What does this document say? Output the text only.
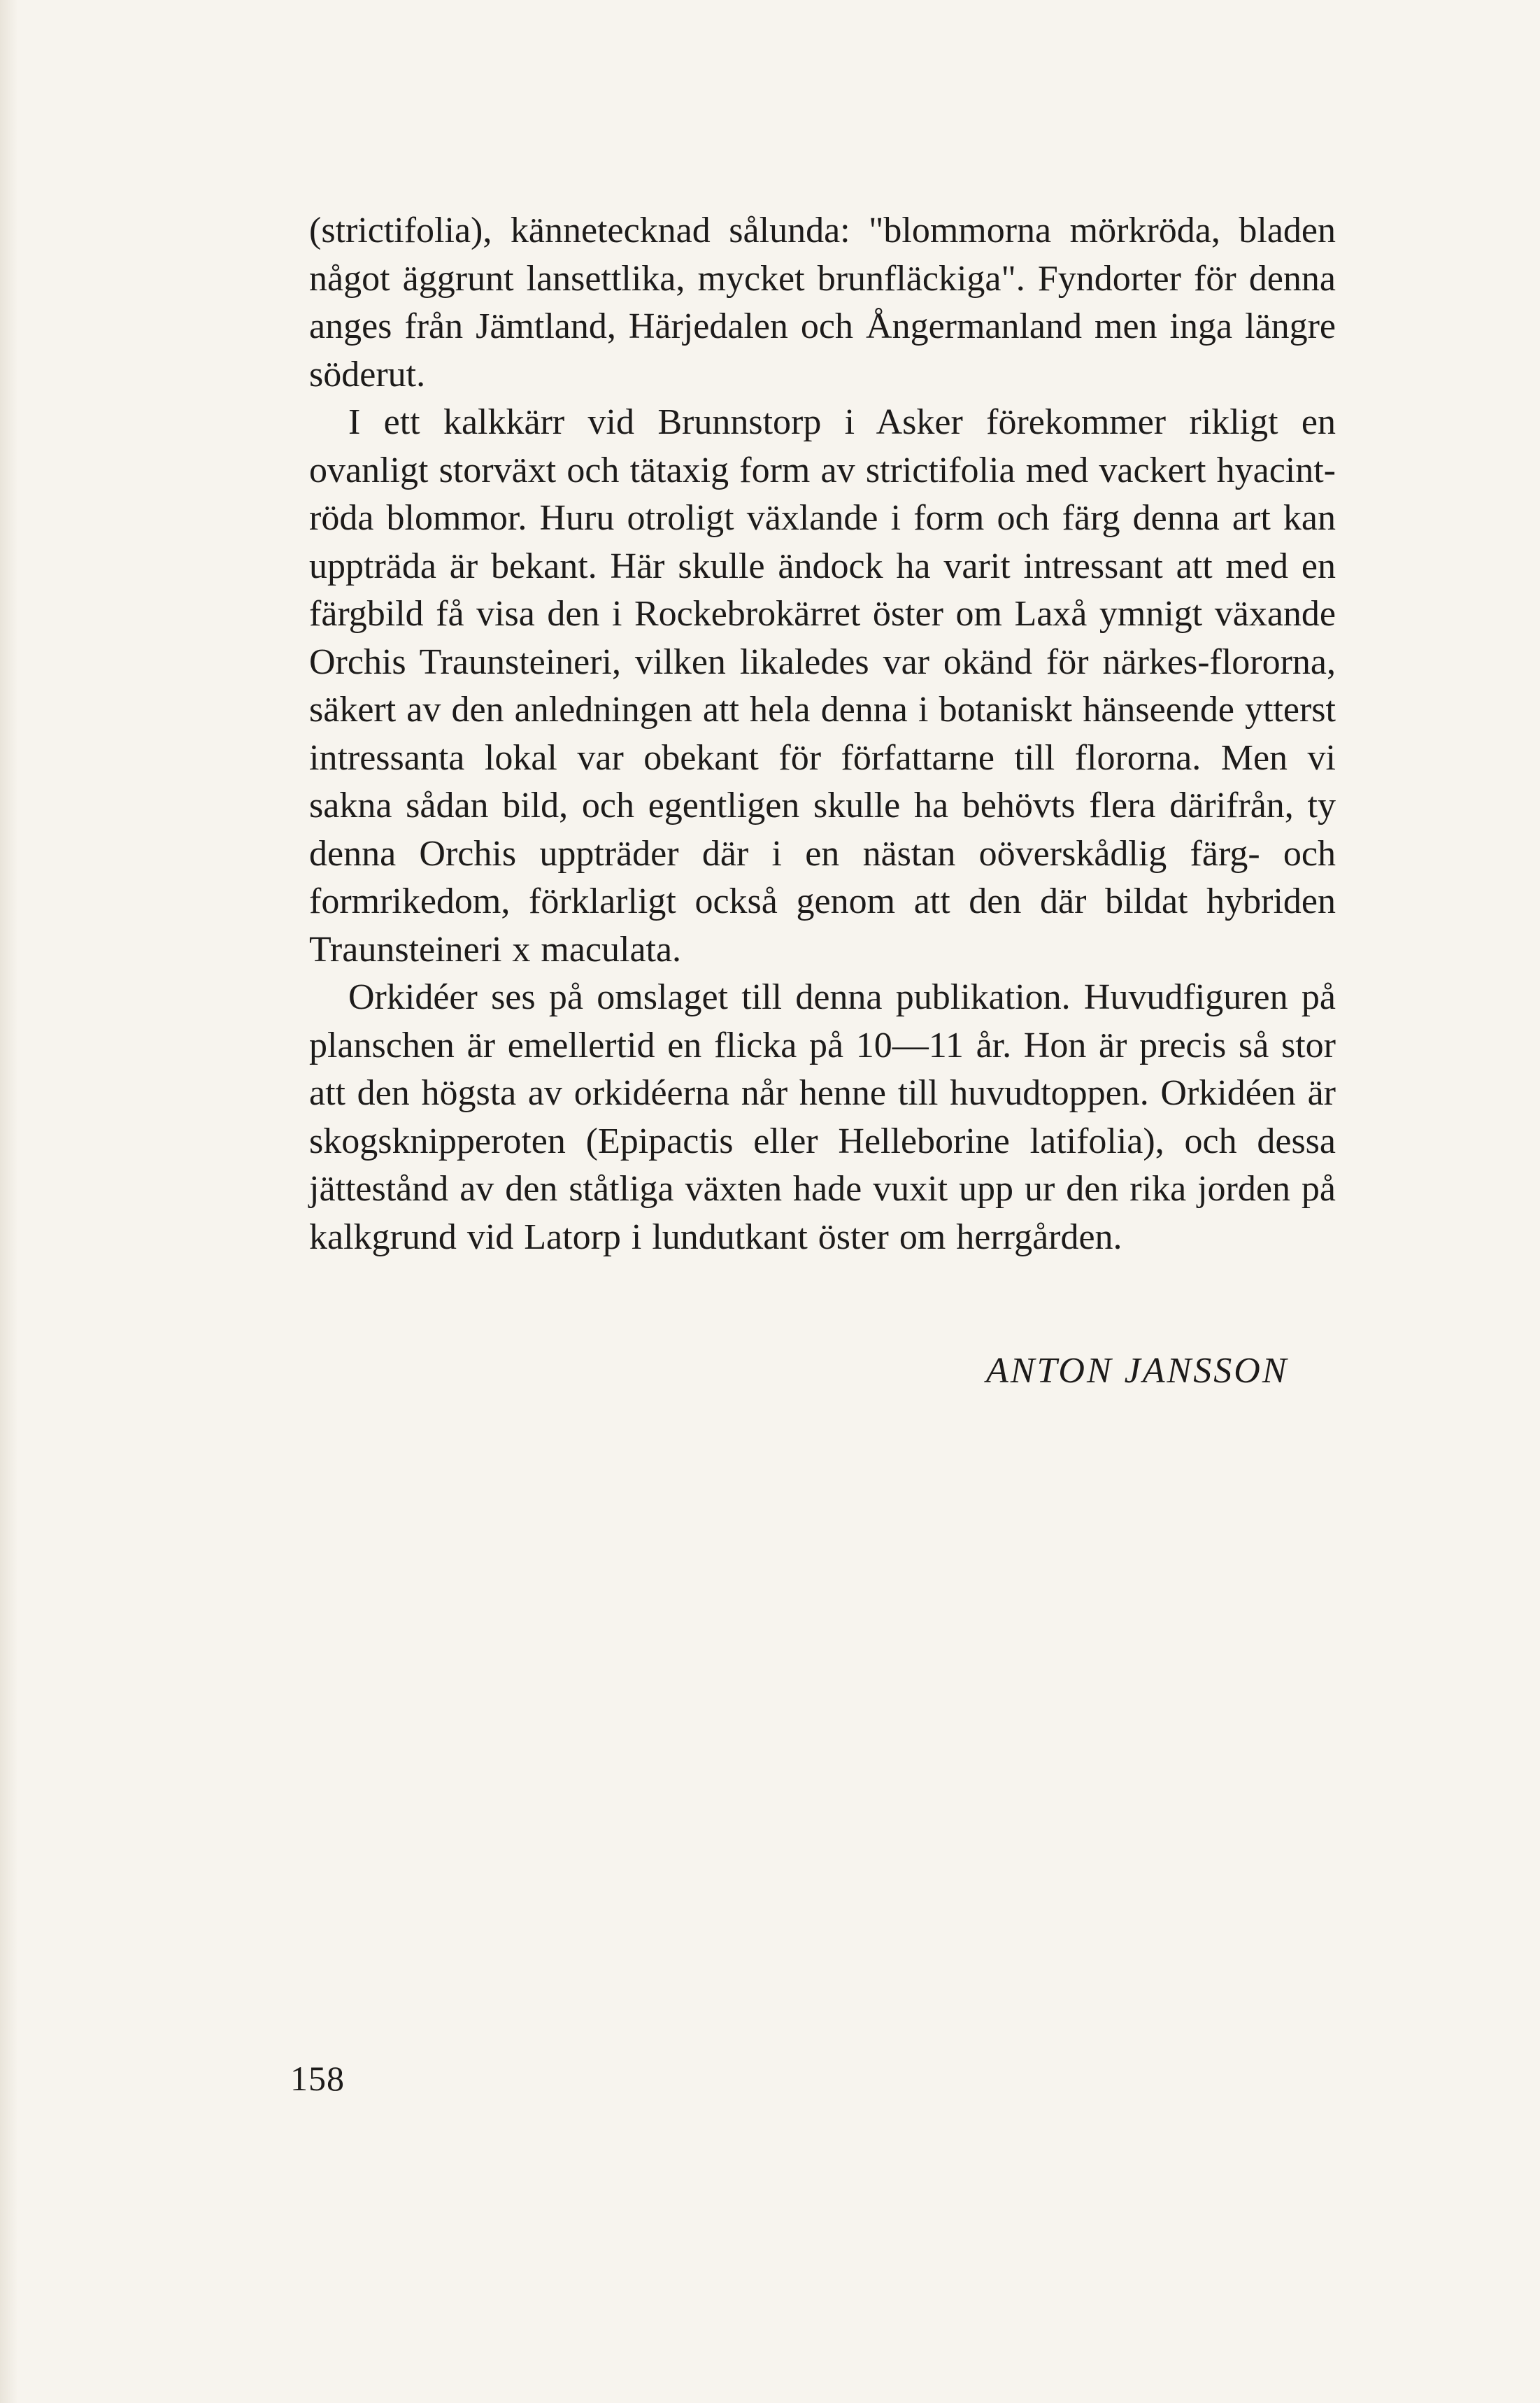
(strictifolia), kännetecknad sålunda: "blommorna mörkröda, bladen något äggrunt lansettlika, mycket brunfläckiga". Fyndorter för denna anges från Jämtland, Härjedalen och Ångermanland men inga längre söderut.

I ett kalkkärr vid Brunnstorp i Asker förekommer rikligt en ovanligt storväxt och tätaxig form av strictifolia med vackert hyacint-röda blommor. Huru otroligt växlande i form och färg denna art kan uppträda är bekant. Här skulle ändock ha varit intressant att med en färgbild få visa den i Rockebrokärret öster om Laxå ymnigt växande Orchis Traunsteineri, vilken likaledes var okänd för närkes-flororna, säkert av den anledningen att hela denna i botaniskt hänseende ytterst intressanta lokal var obekant för författarne till flororna. Men vi sakna sådan bild, och egentligen skulle ha behövts flera därifrån, ty denna Orchis uppträder där i en nästan oöverskådlig färg- och formrikedom, förklarligt också genom att den där bildat hybriden Traunsteineri x maculata.

Orkidéer ses på omslaget till denna publikation. Huvudfiguren på planschen är emellertid en flicka på 10—11 år. Hon är precis så stor att den högsta av orkidéerna når henne till huvudtoppen. Orkidéen är skogsknipperoten (Epipactis eller Helleborine latifolia), och dessa jättestånd av den ståtliga växten hade vuxit upp ur den rika jorden på kalkgrund vid Latorp i lundutkant öster om herrgården.

ANTON JANSSON
158
